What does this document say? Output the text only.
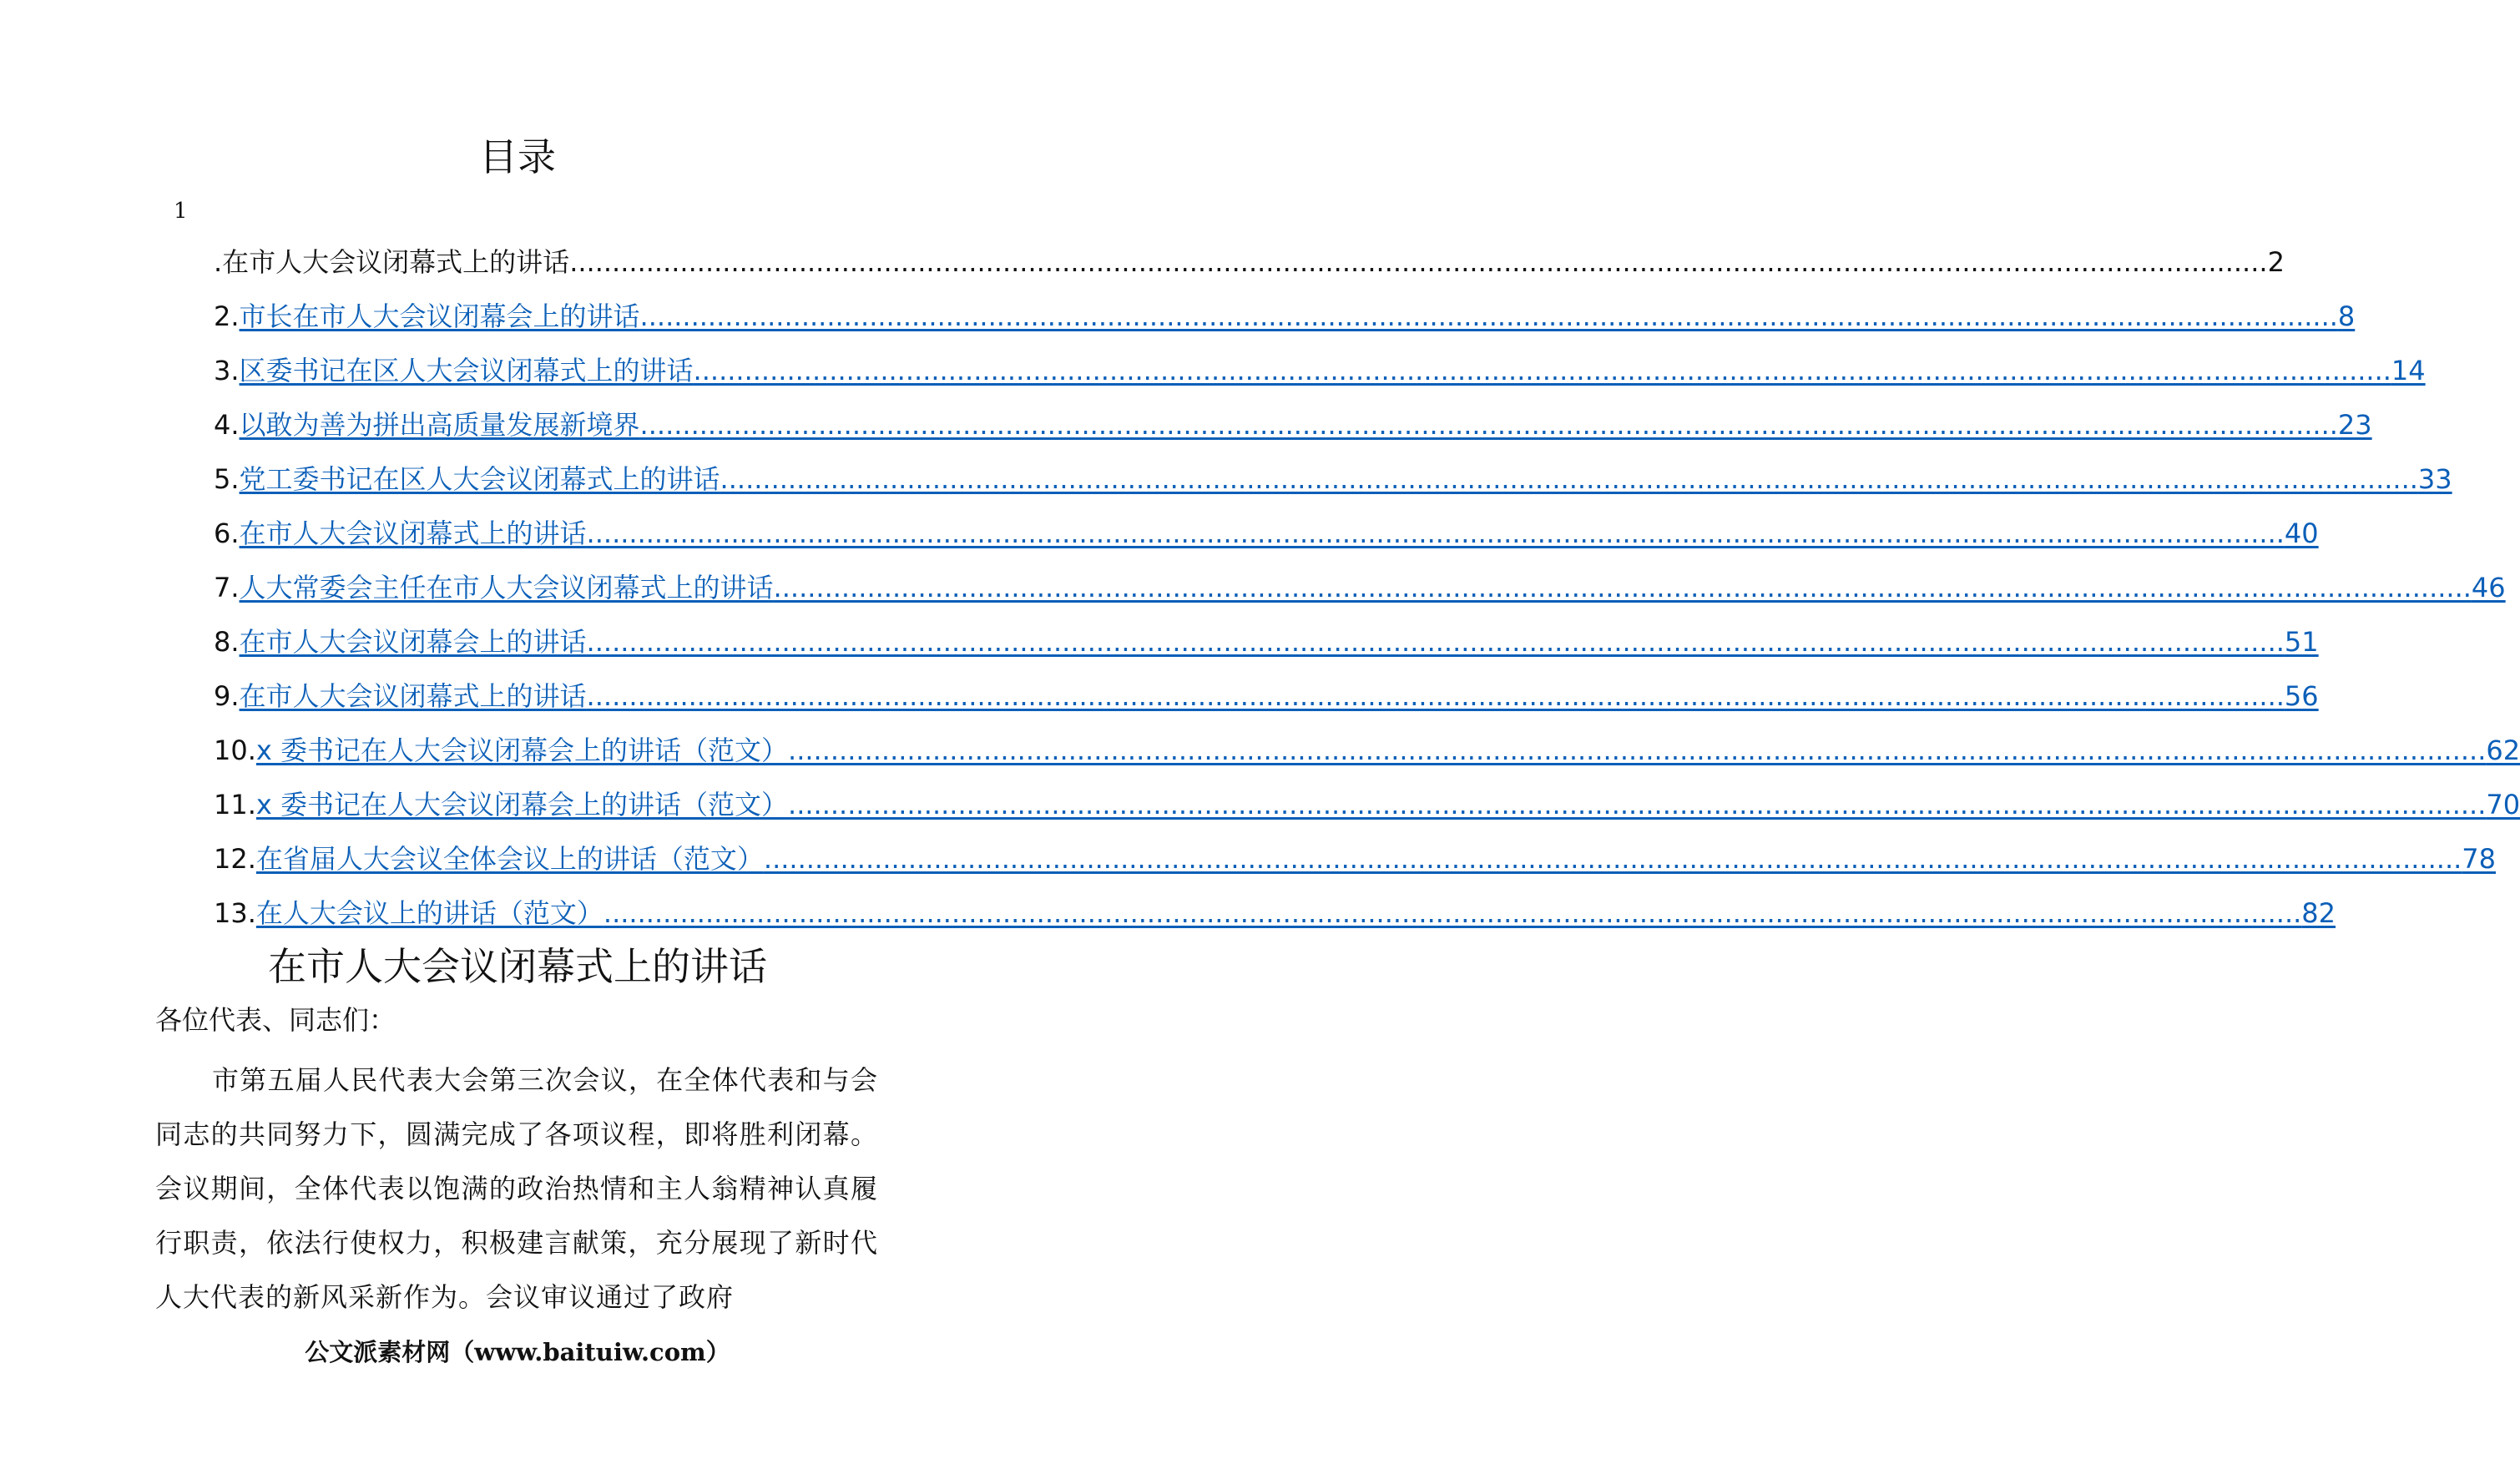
目录
1
.在市人大会议闭幕式上的讲话 ........................................................................................................................................................................................................ 2
2. 市长在市人大会议闭幕会上的讲话 ........................................................................................................................................................................................................ 8
3. 区委书记在区人大会议闭幕式上的讲话 ........................................................................................................................................................................................................ 14
4. 以敢为善为拼出高质量发展新境界 ........................................................................................................................................................................................................ 23
5. 党工委书记在区人大会议闭幕式上的讲话 ........................................................................................................................................................................................................ 33
6. 在市人大会议闭幕式上的讲话 ........................................................................................................................................................................................................ 40
7. 人大常委会主任在市人大会议闭幕式上的讲话 ........................................................................................................................................................................................................ 46
8. 在市人大会议闭幕会上的讲话 ........................................................................................................................................................................................................ 51
9. 在市人大会议闭幕式上的讲话 ........................................................................................................................................................................................................ 56
10. x 委书记在人大会议闭幕会上的讲话（范文） ........................................................................................................................................................................................................ 62
11. x 委书记在人大会议闭幕会上的讲话（范文） ........................................................................................................................................................................................................ 70
12. 在省届人大会议全体会议上的讲话（范文） ........................................................................................................................................................................................................ 78
13. 在人大会议上的讲话（范文） ........................................................................................................................................................................................................ 82
在市人大会议闭幕式上的讲话
各位代表、同志们：

市第五届人民代表大会第三次会议，在全体代表和与会同志的共同努力下，圆满完成了各项议程，即将胜利闭幕。会议期间，全体代表以饱满的政治热情和主人翁精神认真履行职责，依法行使权力，积极建言献策，充分展现了新时代人大代表的新风采新作为。会议审议通过了政府

公文派素材网（www.baituiw.com）
